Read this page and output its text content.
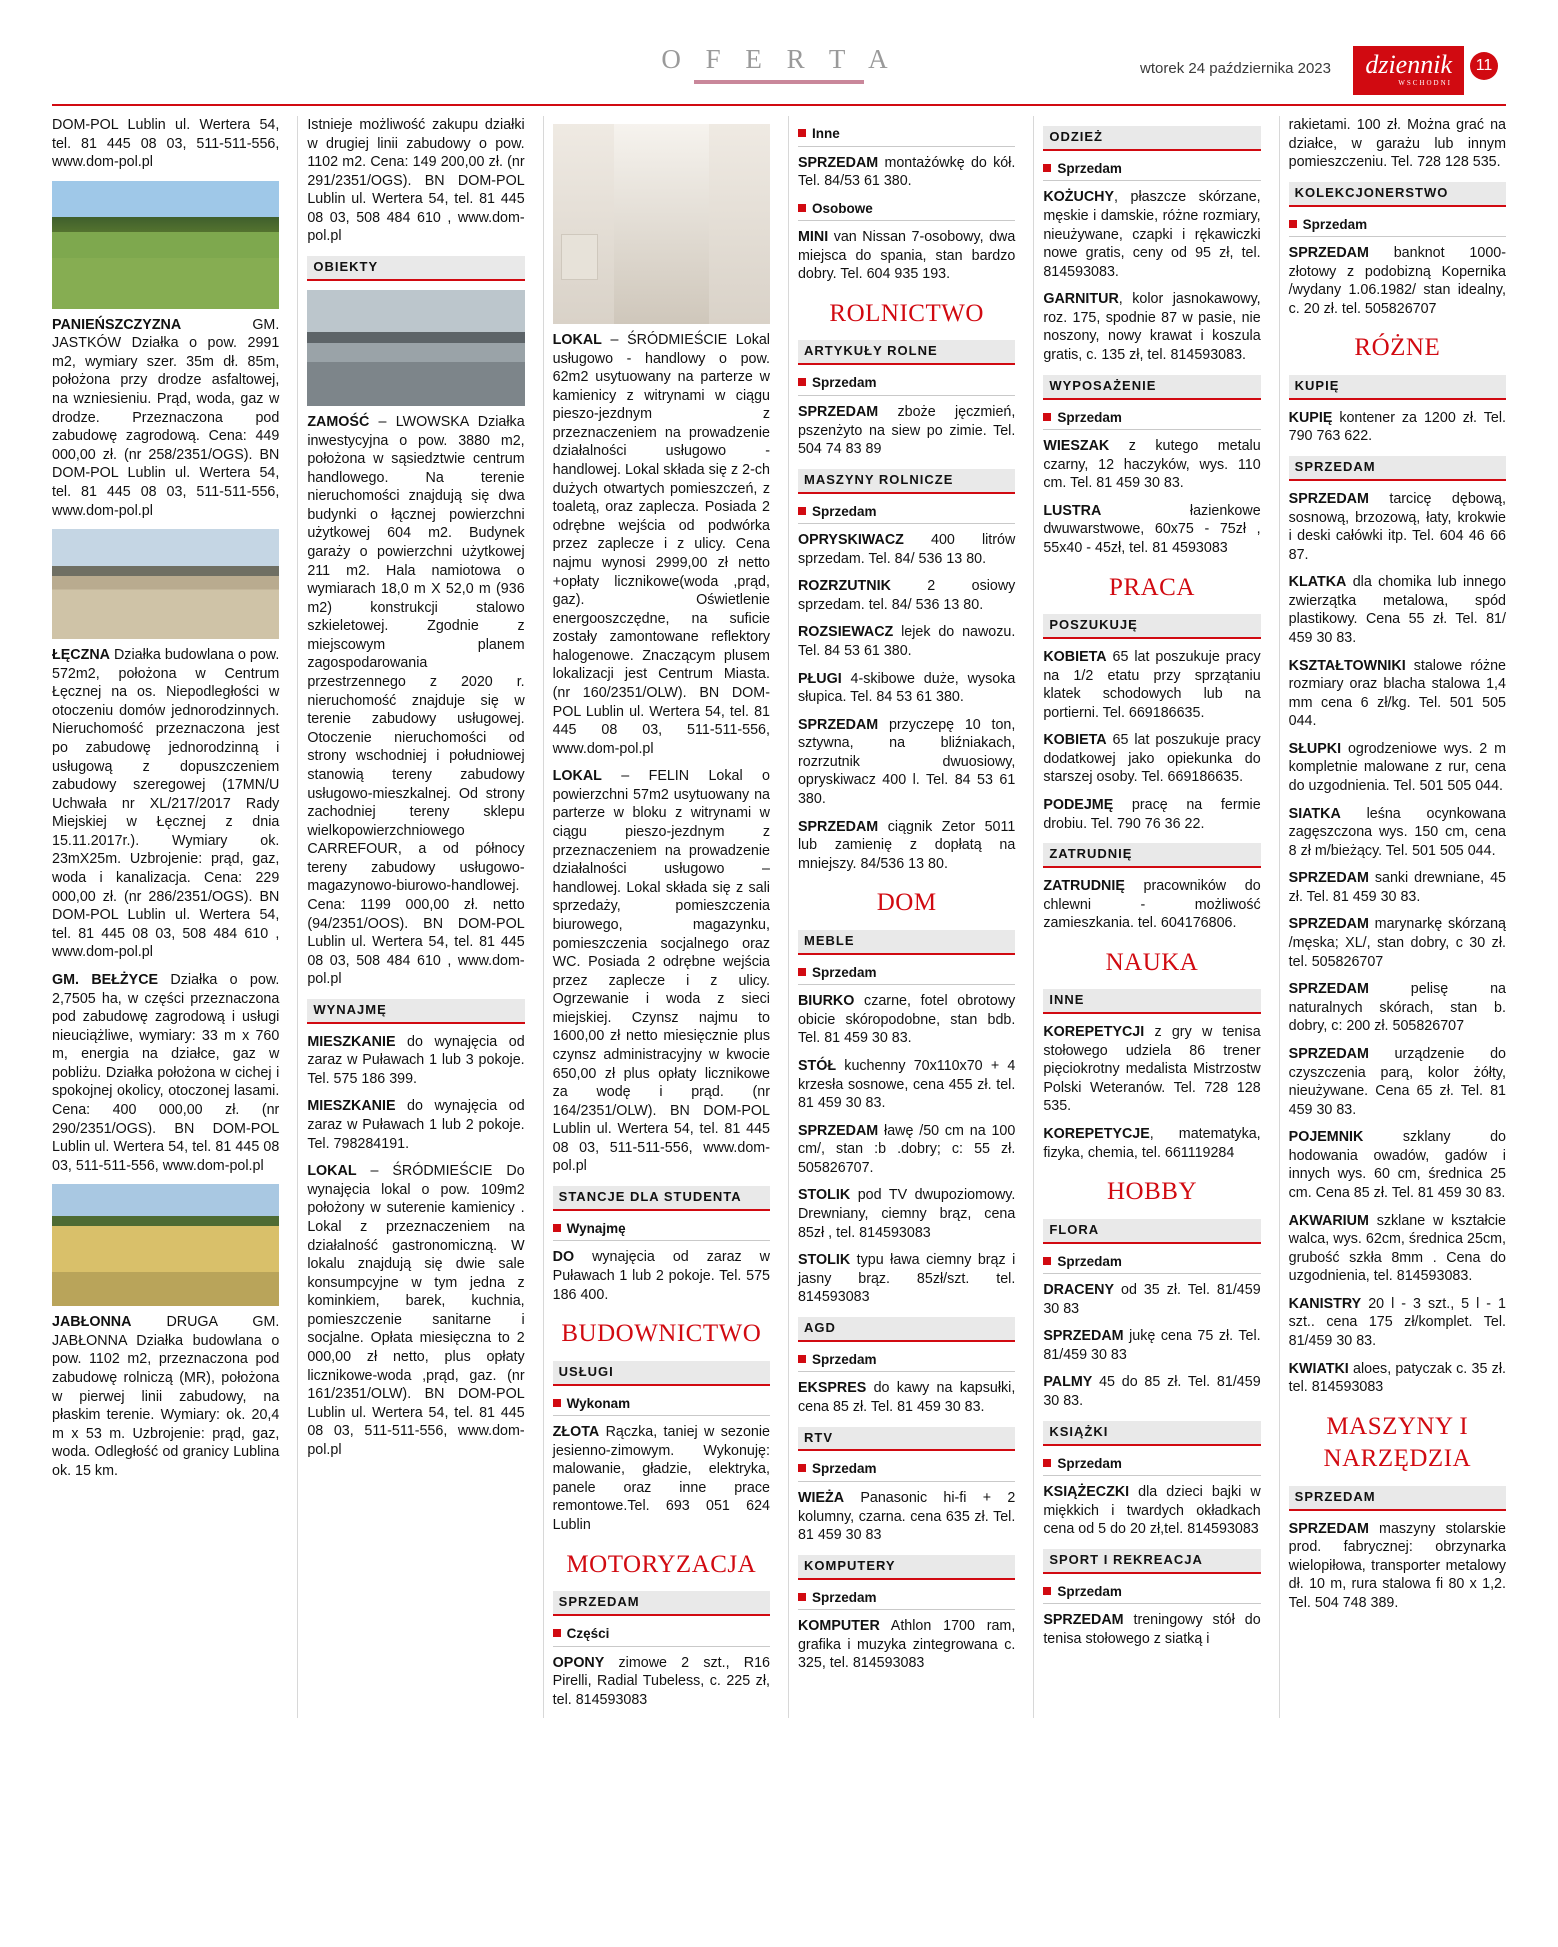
O F E R T A	wtorek 24 października 2023	dziennik
WSCHODNI
11

DOM-POL Lublin ul. Wertera 54, tel. 81 445 08 03, 511-511-556, www.dom-pol.pl

PANIEŃSZCZYZNA GM. JASTKÓW Działka o pow. 2991 m2, wymiary szer. 35m dł. 85m, położona przy drodze asfaltowej, na wzniesieniu. Prąd, woda, gaz w drodze. Przeznaczona pod zabudowę zagrodową. Cena: 449 000,00 zł. (nr 258/2351/OGS). BN DOM-POL Lublin ul. Wertera 54, tel. 81 445 08 03, 511-511-556, www.dom-pol.pl

ŁĘCZNA Działka budowlana o pow. 572m2, położona w Centrum Łęcznej na os. Niepodległości w otoczeniu domów jednorodzinnych. Nieruchomość przeznaczona jest po zabudowę jednorodzinną i usługową z dopuszczeniem zabudowy szeregowej (17MN/U Uchwała nr XL/217/2017 Rady Miejskiej w Łęcznej z dnia 15.11.2017r.). Wymiary ok. 23mX25m. Uzbrojenie: prąd, gaz, woda i kanalizacja. Cena: 229 000,00 zł. (nr 286/2351/OGS). BN DOM-POL Lublin ul. Wertera 54, tel. 81 445 08 03, 508 484 610 , www.dom-pol.pl

GM. BEŁŻYCE Działka o pow. 2,7505 ha, w części przeznaczona pod zabudowę zagrodową i usługi nieuciążliwe, wymiary: 33 m x 760 m, energia na działce, gaz w pobliżu. Działka położona w cichej i spokojnej okolicy, otoczonej lasami. Cena: 400 000,00 zł. (nr 290/2351/OGS). BN DOM-POL Lublin ul. Wertera 54, tel. 81 445 08 03, 511-511-556, www.dom-pol.pl

JABŁONNA DRUGA GM. JABŁONNA Działka budowlana o pow. 1102 m2, przeznaczona pod zabudowę rolniczą (MR), położona w pierwej linii zabudowy, na płaskim terenie. Wymiary: ok. 20,4 m x 53 m. Uzbrojenie: prąd, gaz, woda. Odległość od granicy Lublina ok. 15 km.

Istnieje możliwość zakupu działki w drugiej linii zabudowy o pow. 1102 m2. Cena: 149 200,00 zł. (nr 291/2351/OGS). BN DOM-POL Lublin ul. Wertera 54, tel. 81 445 08 03, 508 484 610 , www.dom-pol.pl

OBIEKTY

ZAMOŚĆ – LWOWSKA Działka inwestycyjna o pow. 3880 m2, położona w sąsiedztwie centrum handlowego. Na terenie nieruchomości znajdują się dwa budynki o łącznej powierzchni użytkowej 604 m2. Budynek garaży o powierzchni użytkowej 211 m2. Hala namiotowa o wymiarach 18,0 m X 52,0 m (936 m2) konstrukcji stalowo szkieletowej. Zgodnie z miejscowym planem zagospodarowania przestrzennego z 2020 r. nieruchomość znajduje się w terenie zabudowy usługowej. Otoczenie nieruchomości od strony wschodniej i południowej stanowią tereny zabudowy usługowo-mieszkalnej. Od strony zachodniej tereny sklepu wielkopowierzchniowego CARREFOUR, a od północy tereny zabudowy usługowo-magazynowo-biurowo-handlowej. Cena: 1199 000,00 zł. netto (94/2351/OOS). BN DOM-POL Lublin ul. Wertera 54, tel. 81 445 08 03, 508 484 610 , www.dom-pol.pl

WYNAJMĘ

MIESZKANIE do wynajęcia od zaraz w Puławach 1 lub 3 pokoje. Tel. 575 186 399.

MIESZKANIE do wynajęcia od zaraz w Puławach 1 lub 2 pokoje. Tel. 798284191.

LOKAL – ŚRÓDMIEŚCIE Do wynajęcia lokal o pow. 109m2 położony w suterenie kamienicy . Lokal z przeznaczeniem na działalność gastronomiczną. W lokalu znajdują się dwie sale konsumpcyjne w tym jedna z kominkiem, barek, kuchnia, pomieszczenie sanitarne i socjalne. Opłata miesięczna to 2 000,00 zł netto, plus opłaty licznikowe-woda ,prąd, gaz. (nr 161/2351/OLW). BN DOM-POL Lublin ul. Wertera 54, tel. 81 445 08 03, 511-511-556, www.dom-pol.pl

LOKAL – ŚRÓDMIEŚCIE Lokal usługowo - handlowy o pow. 62m2 usytuowany na parterze w kamienicy z witrynami w ciągu pieszo-jezdnym z przeznaczeniem na prowadzenie działalności usługowo - handlowej. Lokal składa się z 2-ch dużych otwartych pomieszczeń, z toaletą, oraz zaplecza. Posiada 2 odrębne wejścia od podwórka przez zaplecze i z ulicy. Cena najmu wynosi 2999,00 zł netto +opłaty licznikowe(woda ,prąd, gaz). Oświetlenie energooszczędne, na suficie zostały zamontowane reflektory halogenowe. Znaczącym plusem lokalizacji jest Centrum Miasta. (nr 160/2351/OLW). BN DOM-POL Lublin ul. Wertera 54, tel. 81 445 08 03, 511-511-556, www.dom-pol.pl

LOKAL – FELIN Lokal o powierzchni 57m2 usytuowany na parterze w bloku z witrynami w ciągu pieszo-jezdnym z przeznaczeniem na prowadzenie działalności usługowo – handlowej. Lokal składa się z sali sprzedaży, pomieszczenia biurowego, magazynku, pomieszczenia socjalnego oraz WC. Posiada 2 odrębne wejścia przez zaplecze i z ulicy. Ogrzewanie i woda z sieci miejskiej. Czynsz najmu to 1600,00 zł netto miesięcznie plus czynsz administracyjny w kwocie 650,00 zł plus opłaty licznikowe za wodę i prąd. (nr 164/2351/OLW). BN DOM-POL Lublin ul. Wertera 54, tel. 81 445 08 03, 511-511-556, www.dom-pol.pl

STANCJE DLA STUDENTA
Wynajmę

DO wynajęcia od zaraz w Puławach 1 lub 2 pokoje. Tel. 575 186 400.

BUDOWNICTWO
USŁUGI
Wykonam

ZŁOTA Rączka, taniej w sezonie jesienno-zimowym. Wykonuję: malowanie, gładzie, elektryka, panele oraz inne prace remontowe.Tel. 693 051 624 Lublin

MOTORYZACJA
SPRZEDAM
Części

OPONY zimowe 2 szt., R16 Pirelli, Radial Tubeless, c. 225 zł, tel. 814593083

Inne

SPRZEDAM montażówkę do kół. Tel. 84/53 61 380.

Osobowe

MINI van Nissan 7-osobowy, dwa miejsca do spania, stan bardzo dobry. Tel. 604 935 193.

ROLNICTWO
ARTYKUŁY ROLNE
Sprzedam

SPRZEDAM zboże jęczmień, pszenżyto na siew po zimie. Tel. 504 74 83 89

MASZYNY ROLNICZE
Sprzedam

OPRYSKIWACZ 400 litrów sprzedam. Tel. 84/ 536 13 80.

ROZRZUTNIK 2 osiowy sprzedam. tel. 84/ 536 13 80.

ROZSIEWACZ lejek do nawozu. Tel. 84 53 61 380.

PŁUGI 4-skibowe duże, wysoka słupica. Tel. 84 53 61 380.

SPRZEDAM przyczepę 10 ton, sztywna, na bliźniakach, rozrzutnik dwuosiowy, opryskiwacz 400 l. Tel. 84 53 61 380.

SPRZEDAM ciągnik Zetor 5011 lub zamienię z dopłatą na mniejszy. 84/536 13 80.

DOM
MEBLE
Sprzedam

BIURKO czarne, fotel obrotowy obicie skóropodobne, stan bdb. Tel. 81 459 30 83.

STÓŁ kuchenny 70x110x70 + 4 krzesła sosnowe, cena 455 zł. tel. 81 459 30 83.

SPRZEDAM ławę /50 cm na 100 cm/, stan :b .dobry; c: 55 zł. 505826707.

STOLIK pod TV dwupoziomowy. Drewniany, ciemny brąz, cena 85zł , tel. 814593083

STOLIK typu ława ciemny brąz i jasny brąz. 85zł/szt. tel. 814593083

AGD
Sprzedam

EKSPRES do kawy na kapsułki, cena 85 zł. Tel. 81 459 30 83.

RTV
Sprzedam

WIEŻA Panasonic hi-fi + 2 kolumny, czarna. cena 635 zł. Tel. 81 459 30 83

KOMPUTERY
Sprzedam

KOMPUTER Athlon 1700 ram, grafika i muzyka zintegrowana c. 325, tel. 814593083

ODZIEŻ
Sprzedam

KOŻUCHY, płaszcze skórzane, męskie i damskie, różne rozmiary, nieużywane, czapki i rękawiczki nowe gratis, ceny od 95 zł, tel. 814593083.

GARNITUR, kolor jasnokawowy, roz. 175, spodnie 87 w pasie, nie noszony, nowy krawat i koszula gratis, c. 135 zł, tel. 814593083.

WYPOSAŻENIE
Sprzedam

WIESZAK z kutego metalu czarny, 12 haczyków, wys. 110 cm. Tel. 81 459 30 83.

LUSTRA łazienkowe dwuwarstwowe, 60x75 - 75zł , 55x40 - 45zł, tel. 81 4593083

PRACA
POSZUKUJĘ

KOBIETA 65 lat poszukuje pracy na 1/2 etatu przy sprzątaniu klatek schodowych lub na portierni. Tel. 669186635.

KOBIETA 65 lat poszukuje pracy dodatkowej jako opiekunka do starszej osoby. Tel. 669186635.

PODEJMĘ pracę na fermie drobiu. Tel. 790 76 36 22.

ZATRUDNIĘ

ZATRUDNIĘ pracowników do chlewni - możliwość zamieszkania. tel. 604176806.

NAUKA
INNE

KOREPETYCJI z gry w tenisa stołowego udziela 86 trener pięciokrotny medalista Mistrzostw Polski Weteranów. Tel. 728 128 535.

KOREPETYCJE, matematyka, fizyka, chemia, tel. 661119284

HOBBY
FLORA
Sprzedam

DRACENY od 35 zł. Tel. 81/459 30 83

SPRZEDAM jukę cena 75 zł. Tel. 81/459 30 83

PALMY 45 do 85 zł. Tel. 81/459 30 83.

KSIĄŻKI
Sprzedam

KSIĄŻECZKI dla dzieci bajki w miękkich i twardych okładkach cena od 5 do 20 zł,tel. 814593083

SPORT I REKREACJA
Sprzedam

SPRZEDAM treningowy stół do tenisa stołowego z siatką i

rakietami. 100 zł. Można grać na działce, w garażu lub innym pomieszczeniu. Tel. 728 128 535.

KOLEKCJONERSTWO
Sprzedam

SPRZEDAM banknot 1000-złotowy z podobizną Kopernika /wydany 1.06.1982/ stan idealny, c. 20 zł. tel. 505826707

RÓŻNE
KUPIĘ

KUPIĘ kontener za 1200 zł. Tel. 790 763 622.

SPRZEDAM

SPRZEDAM tarcicę dębową, sosnową, brzozową, łaty, krokwie i deski całówki itp. Tel. 604 46 66 87.

KLATKA dla chomika lub innego zwierzątka metalowa, spód plastikowy. Cena 55 zł. Tel. 81/ 459 30 83.

KSZTAŁTOWNIKI stalowe różne rozmiary oraz blacha stalowa 1,4 mm cena 6 zł/kg. Tel. 501 505 044.

SŁUPKI ogrodzeniowe wys. 2 m kompletnie malowane z rur, cena do uzgodnienia. Tel. 501 505 044.

SIATKA leśna ocynkowana zagęszczona wys. 150 cm, cena 8 zł m/bieżący. Tel. 501 505 044.

SPRZEDAM sanki drewniane, 45 zł. Tel. 81 459 30 83.

SPRZEDAM marynarkę skórzaną /męska; XL/, stan dobry, c 30 zł. tel. 505826707

SPRZEDAM pelisę na naturalnych skórach, stan b. dobry, c: 200 zł. 505826707

SPRZEDAM urządzenie do czyszczenia parą, kolor żółty, nieużywane. Cena 65 zł. Tel. 81 459 30 83.

POJEMNIK szklany do hodowania owadów, gadów i innych wys. 60 cm, średnica 25 cm. Cena 85 zł. Tel. 81 459 30 83.

AKWARIUM szklane w kształcie walca, wys. 62cm, średnica 25cm, grubość szkła 8mm . Cena do uzgodnienia, tel. 814593083.

KANISTRY 20 l - 3 szt., 5 l - 1 szt.. cena 175 zł/komplet. Tel. 81/459 30 83.

KWIATKI aloes, patyczak c. 35 zł. tel. 814593083

MASZYNY I NARZĘDZIA
SPRZEDAM

SPRZEDAM maszyny stolarskie prod. fabrycznej: obrzynarka wielopiłowa, transporter metalowy dł. 10 m, rura stalowa fi 80 x 1,2. Tel. 504 748 389.
